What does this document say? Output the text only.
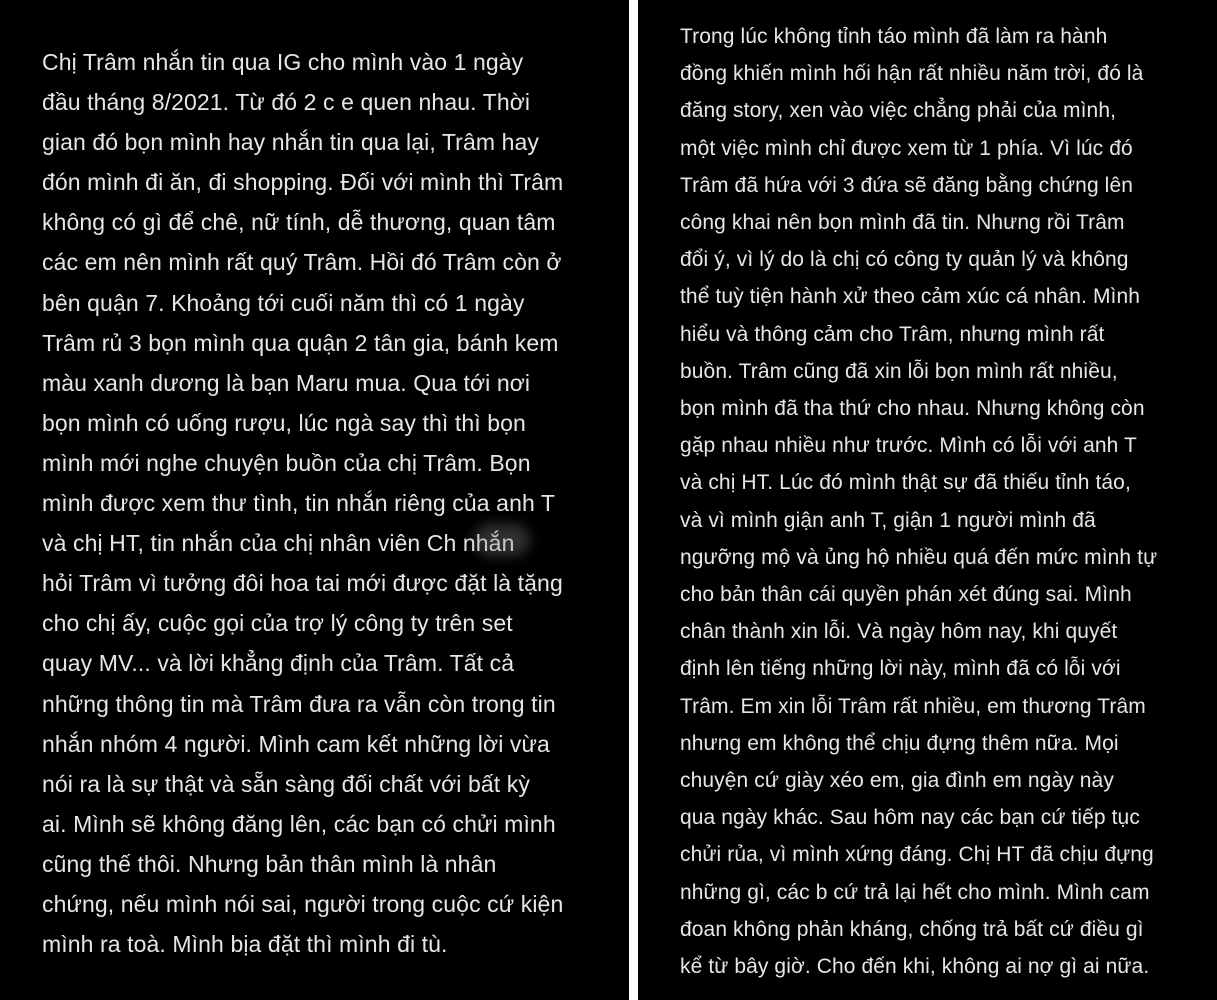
Chị Trâm nhắn tin qua IG cho mình vào 1 ngày
đầu tháng 8/2021. Từ đó 2 c e quen nhau. Thời
gian đó bọn mình hay nhắn tin qua lại, Trâm hay
đón mình đi ăn, đi shopping. Đối với mình thì Trâm
không có gì để chê, nữ tính, dễ thương, quan tâm
các em nên mình rất quý Trâm. Hồi đó Trâm còn ở
bên quận 7. Khoảng tới cuối năm thì có 1 ngày
Trâm rủ 3 bọn mình qua quận 2 tân gia, bánh kem
màu xanh dương là bạn Maru mua. Qua tới nơi
bọn mình có uống rượu, lúc ngà say thì thì bọn
mình mới nghe chuyện buồn của chị Trâm. Bọn
mình được xem thư tình, tin nhắn riêng của anh T
và chị HT, tin nhắn của chị nhân viên Ch nhắn
hỏi Trâm vì tưởng đôi hoa tai mới được đặt là tặng
cho chị ấy, cuộc gọi của trợ lý công ty trên set
quay MV... và lời khẳng định của Trâm. Tất cả
những thông tin mà Trâm đưa ra vẫn còn trong tin
nhắn nhóm 4 người. Mình cam kết những lời vừa
nói ra là sự thật và sẵn sàng đối chất với bất kỳ
ai. Mình sẽ không đăng lên, các bạn có chửi mình
cũng thế thôi. Nhưng bản thân mình là nhân
chứng, nếu mình nói sai, người trong cuộc cứ kiện
mình ra toà. Mình bịa đặt thì mình đi tù.
Trong lúc không tỉnh táo mình đã làm ra hành
đồng khiến mình hối hận rất nhiều năm trời, đó là
đăng story, xen vào việc chẳng phải của mình,
một việc mình chỉ được xem từ 1 phía. Vì lúc đó
Trâm đã hứa với 3 đứa sẽ đăng bằng chứng lên
công khai nên bọn mình đã tin. Nhưng rồi Trâm
đổi ý, vì lý do là chị có công ty quản lý và không
thể tuỳ tiện hành xử theo cảm xúc cá nhân. Mình
hiểu và thông cảm cho Trâm, nhưng mình rất
buồn. Trâm cũng đã xin lỗi bọn mình rất nhiều,
bọn mình đã tha thứ cho nhau. Nhưng không còn
gặp nhau nhiều như trước. Mình có lỗi với anh T
và chị HT. Lúc đó mình thật sự đã thiếu tỉnh táo,
và vì mình giận anh T, giận 1 người mình đã
ngưỡng mộ và ủng hộ nhiều quá đến mức mình tự
cho bản thân cái quyền phán xét đúng sai. Mình
chân thành xin lỗi. Và ngày hôm nay, khi quyết
định lên tiếng những lời này, mình đã có lỗi với
Trâm. Em xin lỗi Trâm rất nhiều, em thương Trâm
nhưng em không thể chịu đựng thêm nữa. Mọi
chuyện cứ giày xéo em, gia đình em ngày này
qua ngày khác. Sau hôm nay các bạn cứ tiếp tục
chửi rủa, vì mình xứng đáng. Chị HT đã chịu đựng
những gì, các b cứ trả lại hết cho mình. Mình cam
đoan không phản kháng, chống trả bất cứ điều gì
kể từ bây giờ. Cho đến khi, không ai nợ gì ai nữa.
